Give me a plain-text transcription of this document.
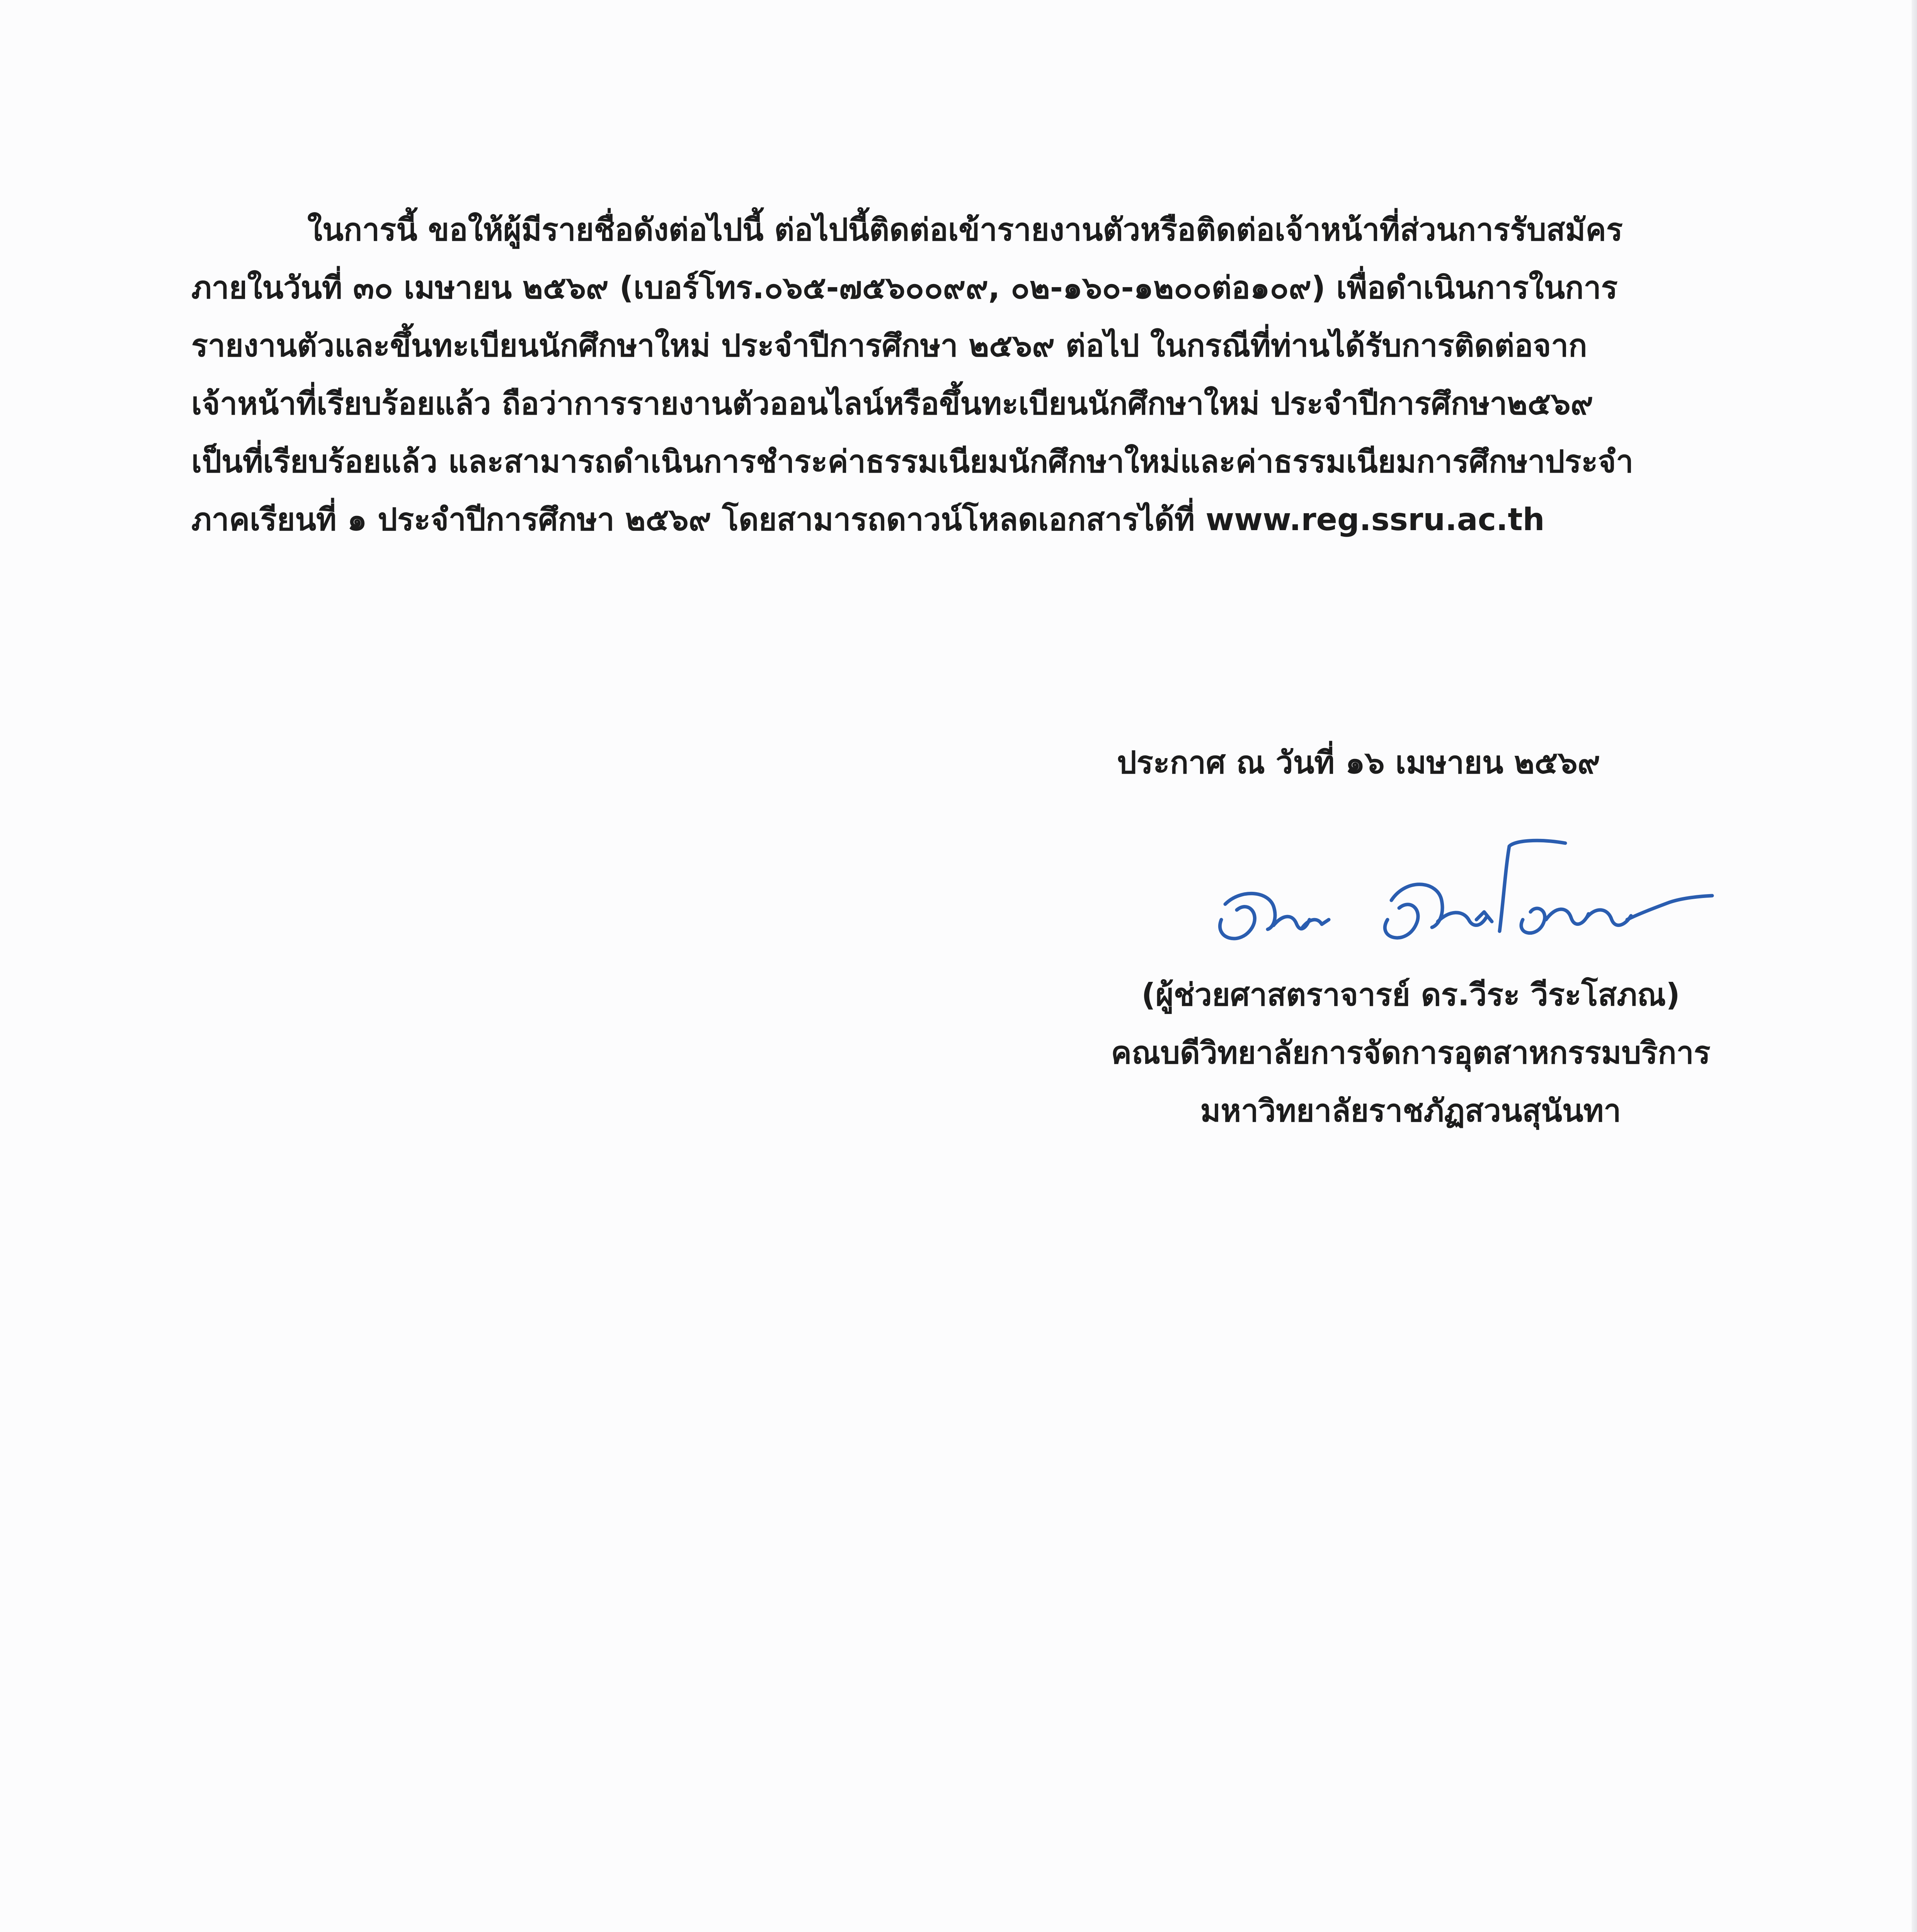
ในการนี้ ขอให้ผู้มีรายชื่อดังต่อไปนี้ ต่อไปนี้ติดต่อเข้ารายงานตัวหรือติดต่อเจ้าหน้าที่ส่วนการรับสมัคร
ภายในวันที่ ๓๐ เมษายน ๒๕๖๙ (เบอร์โทร.๐๖๕-๗๕๖๐๐๙๙, ๐๒-๑๖๐-๑๒๐๐ต่อ๑๐๙) เพื่อดำเนินการในการ
รายงานตัวและขึ้นทะเบียนนักศึกษาใหม่ ประจำปีการศึกษา ๒๕๖๙ ต่อไป ในกรณีที่ท่านได้รับการติดต่อจาก
เจ้าหน้าที่เรียบร้อยแล้ว ถือว่าการรายงานตัวออนไลน์หรือขึ้นทะเบียนนักศึกษาใหม่ ประจำปีการศึกษา๒๕๖๙
เป็นที่เรียบร้อยแล้ว และสามารถดำเนินการชำระค่าธรรมเนียมนักศึกษาใหม่และค่าธรรมเนียมการศึกษาประจำ
ภาคเรียนที่ ๑ ประจำปีการศึกษา ๒๕๖๙ โดยสามารถดาวน์โหลดเอกสารได้ที่ www.reg.ssru.ac.th
ประกาศ ณ วันที่ ๑๖ เมษายน ๒๕๖๙
(ผู้ช่วยศาสตราจารย์ ดร.วีระ วีระโสภณ)
คณบดีวิทยาลัยการจัดการอุตสาหกรรมบริการ
มหาวิทยาลัยราชภัฏสวนสุนันทา
